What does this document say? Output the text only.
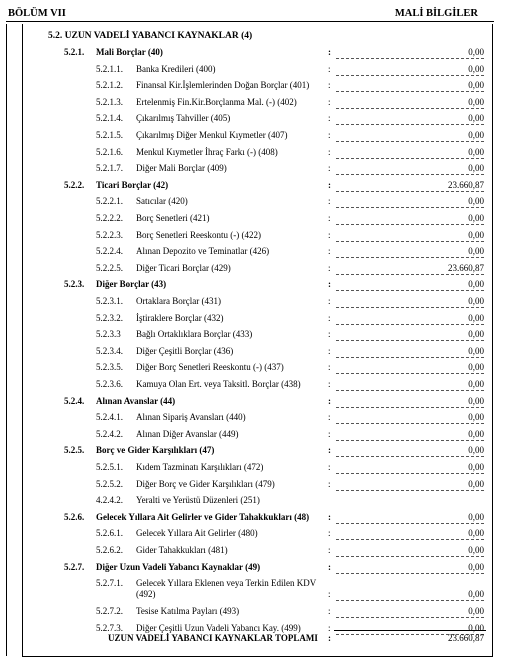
BÖLÜM VII	MALİ BİLGİLER
5.2. UZUN VADELİ YABANCI KAYNAKLAR (4)
5.2.1. Mali Borçlar (40)	:	0,00
5.2.1.1. Banka Kredileri (400)	:	0,00
5.2.1.2. Finansal Kir.İşlemlerinden Doğan Borçlar (401) :	0,00
5.2.1.3. Ertelenmiş Fin.Kir.Borçlanma Mal. (-) (402)	:	0,00
5.2.1.4. Çıkarılmış Tahviller (405)	:	0,00
5.2.1.5. Çıkarılmış Diğer Menkul Kıymetler (407)	:	0,00
5.2.1.6. Menkul Kıymetler İhraç Farkı (-) (408)	:	0,00
5.2.1.7. Diğer Mali Borçlar (409)	:	0,00
5.2.2. Ticari Borçlar (42)	:	23.660,87
5.2.2.1. Satıcılar (420)	:	0,00
5.2.2.2. Borç Senetleri (421)	:	0,00
5.2.2.3. Borç Senetleri Reeskontu (-) (422)	:	0,00
5.2.2.4. Alınan Depozito ve Teminatlar (426)	:	0,00
5.2.2.5. Diğer Ticari Borçlar (429)	:	23.660,87
5.2.3. Diğer Borçlar (43)	:	0,00
5.2.3.1. Ortaklara Borçlar (431)	:	0,00
5.2.3.2. İştiraklere Borçlar (432)	:	0,00
5.2.3.3 Bağlı Ortaklıklara Borçlar (433)	:	0,00
5.2.3.4. Diğer Çeşitli Borçlar (436)	:	0,00
5.2.3.5. Diğer Borç Senetleri Reeskontu (-) (437)	:	0,00
5.2.3.6. Kamuya Olan Ert. veya Taksitl. Borçlar (438)	:	0,00
5.2.4. Alınan Avanslar (44)	:	0,00
5.2.4.1. Alınan Sipariş Avansları (440)	:	0,00
5.2.4.2. Alınan Diğer Avanslar (449)	:	0,00
5.2.5. Borç ve Gider Karşılıkları (47)	:	0,00
5.2.5.1. Kıdem Tazminatı Karşılıkları (472)	:	0,00
5.2.5.2. Diğer Borç ve Gider Karşılıkları (479)	:	0,00
4.2.4.2. Yeralti ve Yerüstü Düzenleri (251)
5.2.6. Gelecek Yıllara Ait Gelirler ve Gider Tahakkukları (48) :	0,00
5.2.6.1. Gelecek Yıllara Ait Gelirler (480)	:	0,00
5.2.6.2. Gider Tahakkukları (481)	:	0,00
5.2.7. Diğer Uzun Vadeli Yabancı Kaynaklar (49)	:	0,00
5.2.7.1. Gelecek Yıllara Eklenen veya Terkin Edilen KDV
(492)	:	0,00
5.2.7.2. Tesise Katılma Payları (493)	:	0,00
5.2.7.3. Diğer Çeşitli Uzun Vadeli Yabancı Kay. (499)	:	0,00
UZUN VADELİ YABANCI KAYNAKLAR TOPLAMI :	23.660,87
